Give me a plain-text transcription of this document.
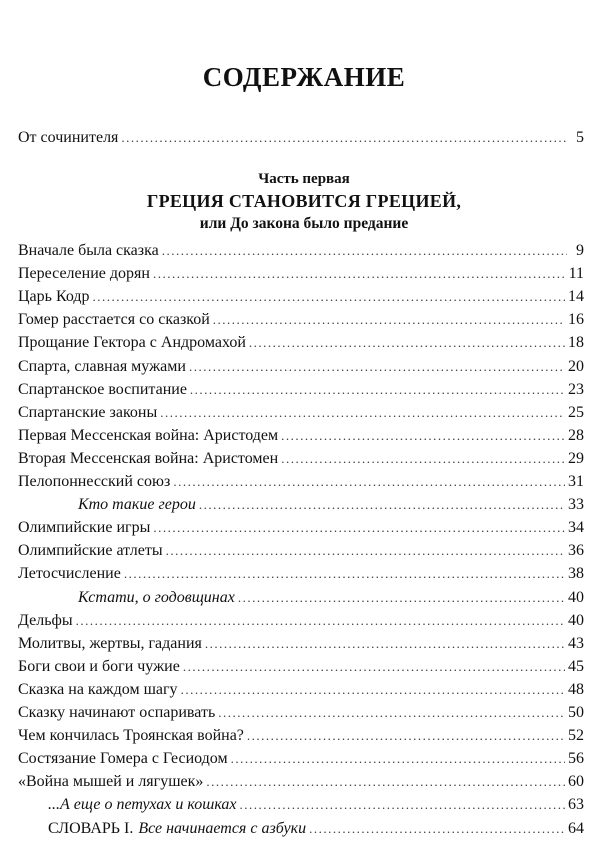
СОДЕРЖАНИЕ
От сочинителя .....	5
Часть первая
ГРЕЦИЯ СТАНОВИТСЯ ГРЕЦИЕЙ,
или До закона было предание
Вначале была сказка .....	9
Переселение дорян .....	11
Царь Кодр .....	14
Гомер расстается со сказкой .....	16
Прощание Гектора с Андромахой .....	18
Спарта, славная мужами .....	20
Спартанское воспитание .....	23
Спартанские законы .....	25
Первая Мессенская война: Аристодем .....	28
Вторая Мессенская война: Аристомен .....	29
Пелопоннесский союз .....	31
Кто такие герои .....	33
Олимпийские игры .....	34
Олимпийские атлеты .....	36
Летосчисление .....	38
Кстати, о годовщинах .....	40
Дельфы .....	40
Молитвы, жертвы, гадания .....	43
Боги свои и боги чужие .....	45
Сказка на каждом шагу .....	48
Сказку начинают оспаривать .....	50
Чем кончилась Троянская война? .....	52
Состязание Гомера с Гесиодом .....	56
«Война мышей и лягушек» .....	60
...А еще о петухах и кошках .....	63
СЛОВАРЬ I. Все начинается с азбуки .....	64
